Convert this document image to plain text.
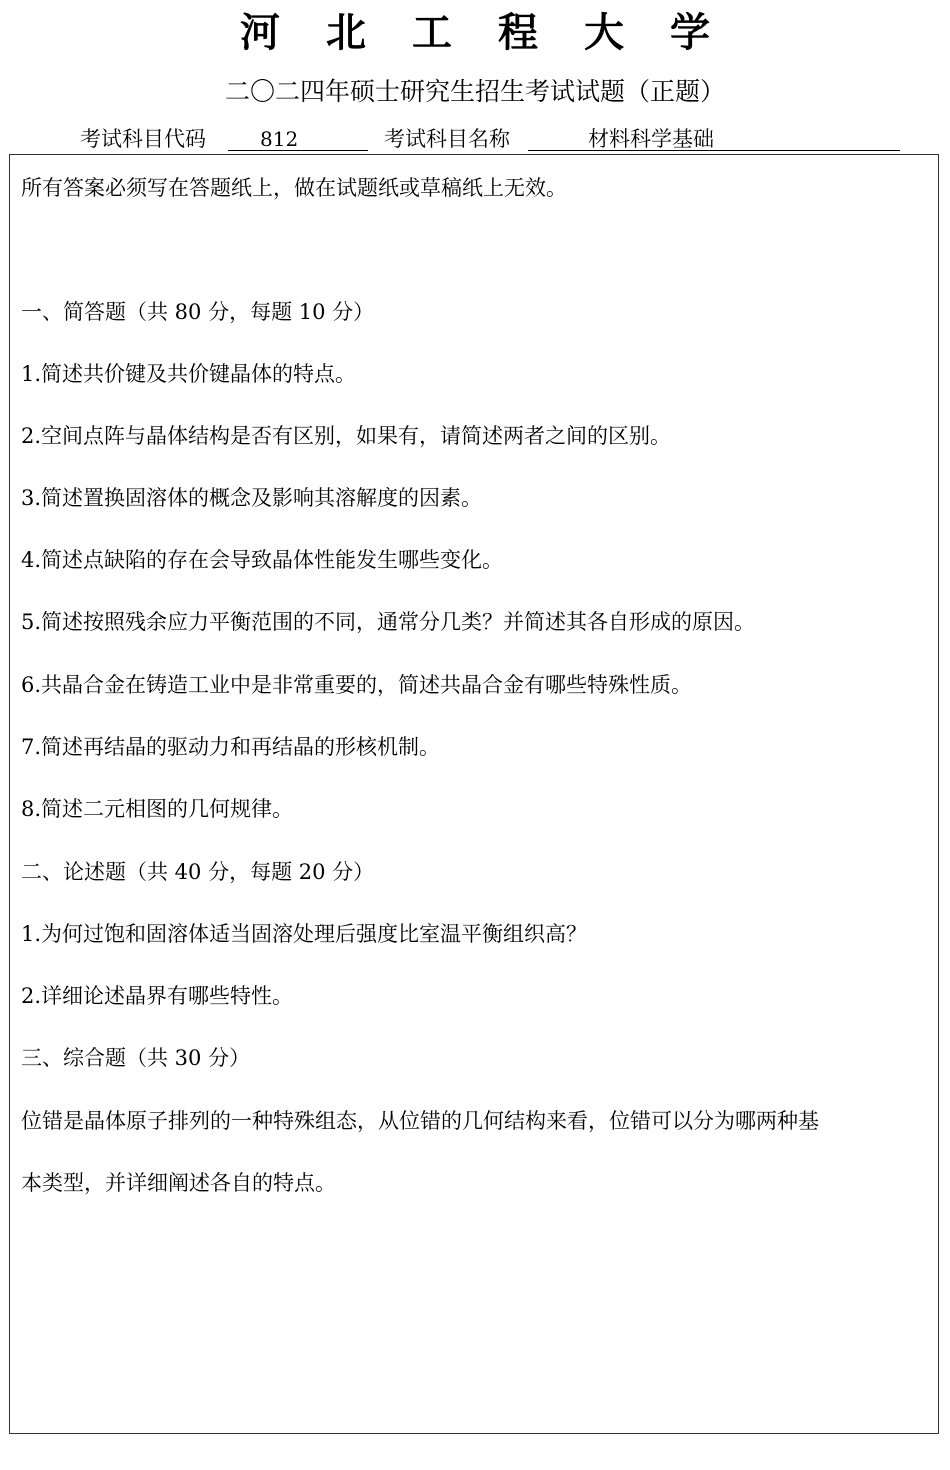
河北工程大学
二〇二四年硕士研究生招生考试试题（正题）
考试科目代码	812	考试科目名称	材料科学基础
所有答案必须写在答题纸上，做在试题纸或草稿纸上无效。
一、简答题（共 80 分，每题 10 分）
1.简述共价键及共价键晶体的特点。
2.空间点阵与晶体结构是否有区别，如果有，请简述两者之间的区别。
3.简述置换固溶体的概念及影响其溶解度的因素。
4.简述点缺陷的存在会导致晶体性能发生哪些变化。
5.简述按照残余应力平衡范围的不同，通常分几类？并简述其各自形成的原因。
6.共晶合金在铸造工业中是非常重要的，简述共晶合金有哪些特殊性质。
7.简述再结晶的驱动力和再结晶的形核机制。
8.简述二元相图的几何规律。
二、论述题（共 40 分，每题 20 分）
1.为何过饱和固溶体适当固溶处理后强度比室温平衡组织高？
2.详细论述晶界有哪些特性。
三、综合题（共 30 分）
位错是晶体原子排列的一种特殊组态，从位错的几何结构来看，位错可以分为哪两种基
本类型，并详细阐述各自的特点。
